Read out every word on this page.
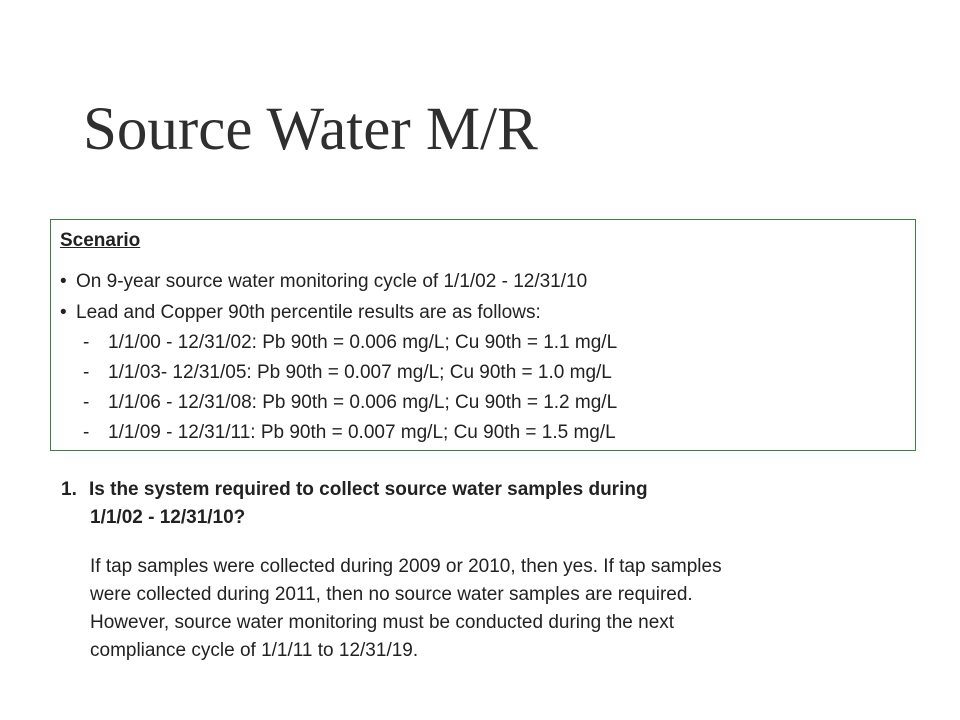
Source Water M/R
Scenario
• On 9-year source water monitoring cycle of 1/1/02 - 12/31/10
• Lead and Copper 90th percentile results are as follows:
- 1/1/00 - 12/31/02: Pb 90th = 0.006 mg/L; Cu 90th = 1.1 mg/L
- 1/1/03- 12/31/05: Pb 90th = 0.007 mg/L; Cu 90th = 1.0 mg/L
- 1/1/06 - 12/31/08: Pb 90th = 0.006 mg/L; Cu 90th = 1.2 mg/L
- 1/1/09 - 12/31/11: Pb 90th = 0.007 mg/L; Cu 90th = 1.5 mg/L
1. Is the system required to collect source water samples during
1/1/02 - 12/31/10?
If tap samples were collected during 2009 or 2010, then yes. If tap samples
were collected during 2011, then no source water samples are required.
However, source water monitoring must be conducted during the next
compliance cycle of 1/1/11 to 12/31/19.
